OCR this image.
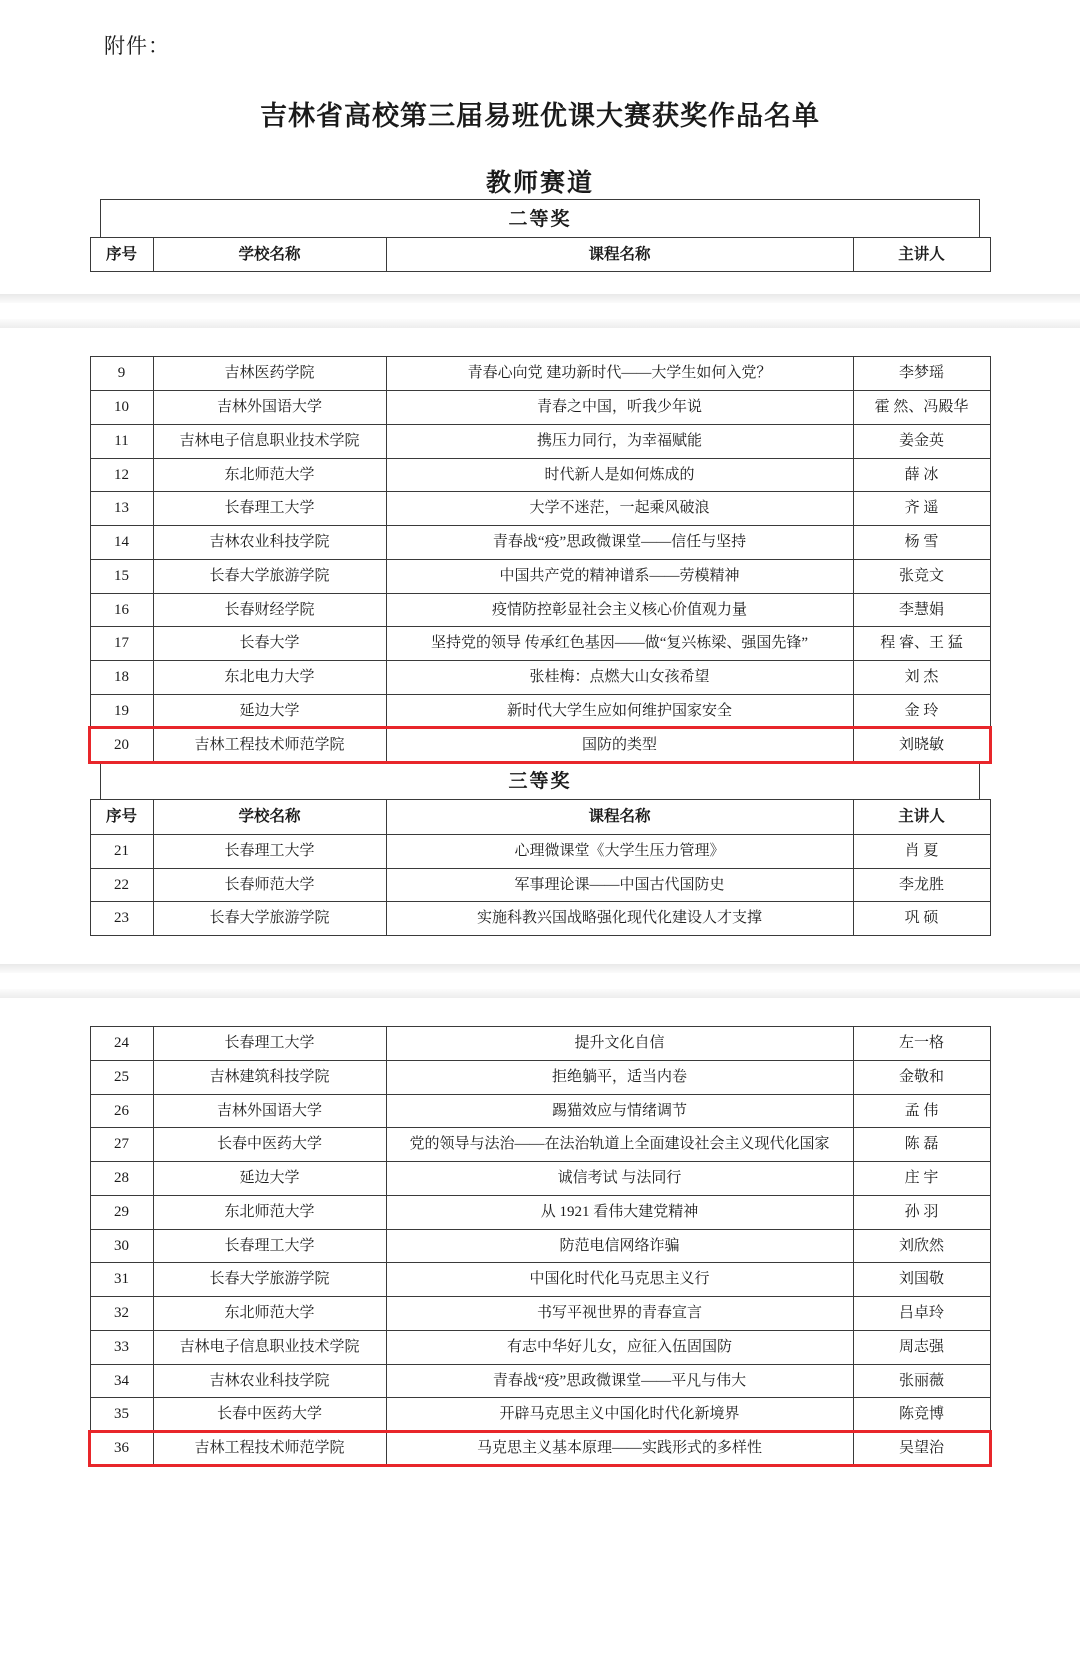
附件：
吉林省高校第三届易班优课大赛获奖作品名单
教师赛道
二等奖
序号	学校名称	课程名称	主讲人
9	吉林医药学院	青春心向党 建功新时代——大学生如何入党？	李梦瑶
10	吉林外国语大学	青春之中国，听我少年说	霍 然、冯殿华
11	吉林电子信息职业技术学院	携压力同行，为幸福赋能	姜金英
12	东北师范大学	时代新人是如何炼成的	薛 冰
13	长春理工大学	大学不迷茫，一起乘风破浪	齐 遥
14	吉林农业科技学院	青春战“疫”思政微课堂——信任与坚持	杨 雪
15	长春大学旅游学院	中国共产党的精神谱系——劳模精神	张竞文
16	长春财经学院	疫情防控彰显社会主义核心价值观力量	李慧娟
17	长春大学	坚持党的领导 传承红色基因——做“复兴栋梁、强国先锋”	程 睿、王 猛
18	东北电力大学	张桂梅：点燃大山女孩希望	刘 杰
19	延边大学	新时代大学生应如何维护国家安全	金 玲
20	吉林工程技术师范学院	国防的类型	刘晓敏
三等奖
序号	学校名称	课程名称	主讲人
21	长春理工大学	心理微课堂《大学生压力管理》	肖 夏
22	长春师范大学	军事理论课——中国古代国防史	李龙胜
23	长春大学旅游学院	实施科教兴国战略强化现代化建设人才支撑	巩 硕
24	长春理工大学	提升文化自信	左一格
25	吉林建筑科技学院	拒绝躺平，适当内卷	金敬和
26	吉林外国语大学	踢猫效应与情绪调节	孟 伟
27	长春中医药大学	党的领导与法治——在法治轨道上全面建设社会主义现代化国家	陈 磊
28	延边大学	诚信考试 与法同行	庄 宇
29	东北师范大学	从 1921 看伟大建党精神	孙 羽
30	长春理工大学	防范电信网络诈骗	刘欣然
31	长春大学旅游学院	中国化时代化马克思主义行	刘国敬
32	东北师范大学	书写平视世界的青春宣言	吕卓玲
33	吉林电子信息职业技术学院	有志中华好儿女，应征入伍固国防	周志强
34	吉林农业科技学院	青春战“疫”思政微课堂——平凡与伟大	张丽薇
35	长春中医药大学	开辟马克思主义中国化时代化新境界	陈竞博
36	吉林工程技术师范学院	马克思主义基本原理——实践形式的多样性	吴望治
